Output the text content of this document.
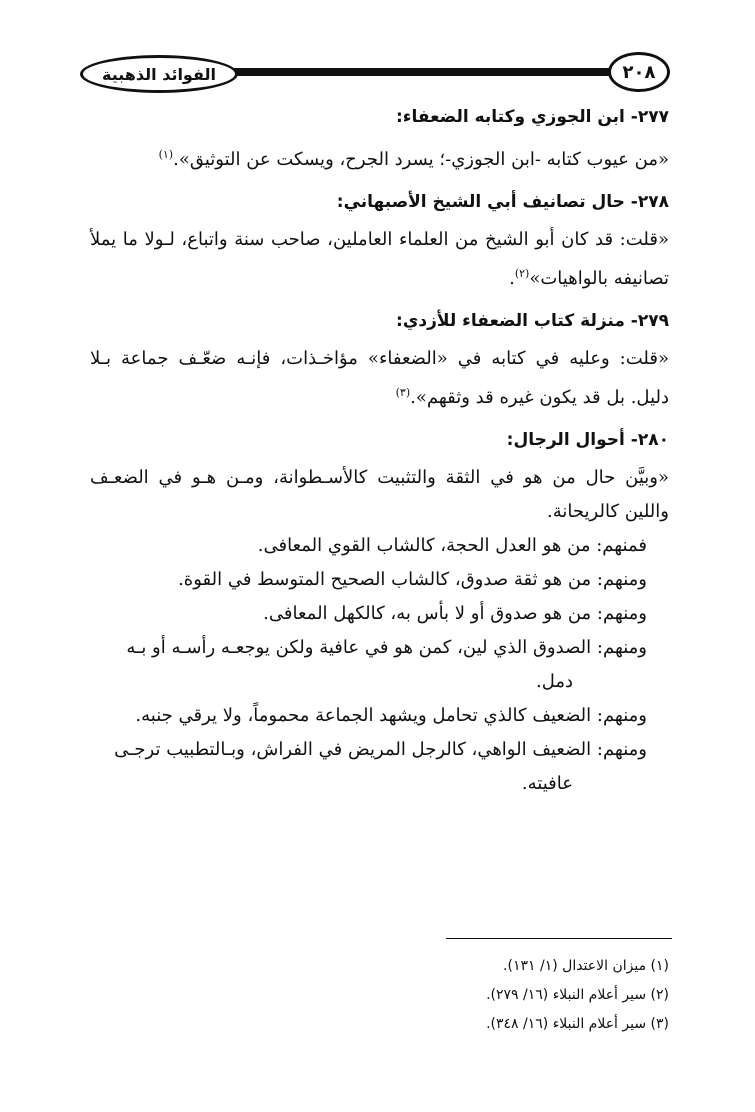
الفوائد الذهبية	٢٠٨

٢٧٧- ابن الجوزي وكتابه الضعفاء:

«من عيوب كتابه -ابن الجوزي-؛ يسرد الجرح، ويسكت عن التوثيق».$^{(١)}$

٢٧٨- حال تصانيف أبي الشيخ الأصبهاني:

«قلت: قد كان أبو الشيخ من العلماء العاملين، صاحب سنة واتباع، لـولا ما يملأ تصانيفه بالواهيات»$^{(٢)}$.

٢٧٩- منزلة كتاب الضعفاء للأزدي:

«قلت: وعليه في كتابه في «الضعفاء» مؤاخـذات، فإنـه ضعّـف جماعة بـلا دليل. بل قد يكون غيره قد وثقهم».$^{(٣)}$

٢٨٠- أحوال الرجال:

«وبيَّن حال من هو في الثقة والتثبيت كالأسـطوانة، ومـن هـو في الضعـف واللين كالريحانة.

فمنهم: من هو العدل الحجة، كالشاب القوي المعافى.

ومنهم: من هو ثقة صدوق، كالشاب الصحيح المتوسط في القوة.

ومنهم: من هو صدوق أو لا بأس به، كالكهل المعافى.

ومنهم: الصدوق الذي لين، كمن هو في عافية ولكن يوجعـه رأسـه أو بـه

دمل.

ومنهم: الضعيف كالذي تحامل ويشهد الجماعة محموماً، ولا يرقي جنبه.

ومنهم: الضعيف الواهي، كالرجل المريض في الفراش، وبـالتطبيب ترجـى

عافيته.

(١) ميزان الاعتدال (١/ ١٣١).

(٢) سير أعلام النبلاء (١٦/ ٢٧٩).

(٣) سير أعلام النبلاء (١٦/ ٣٤٨).
